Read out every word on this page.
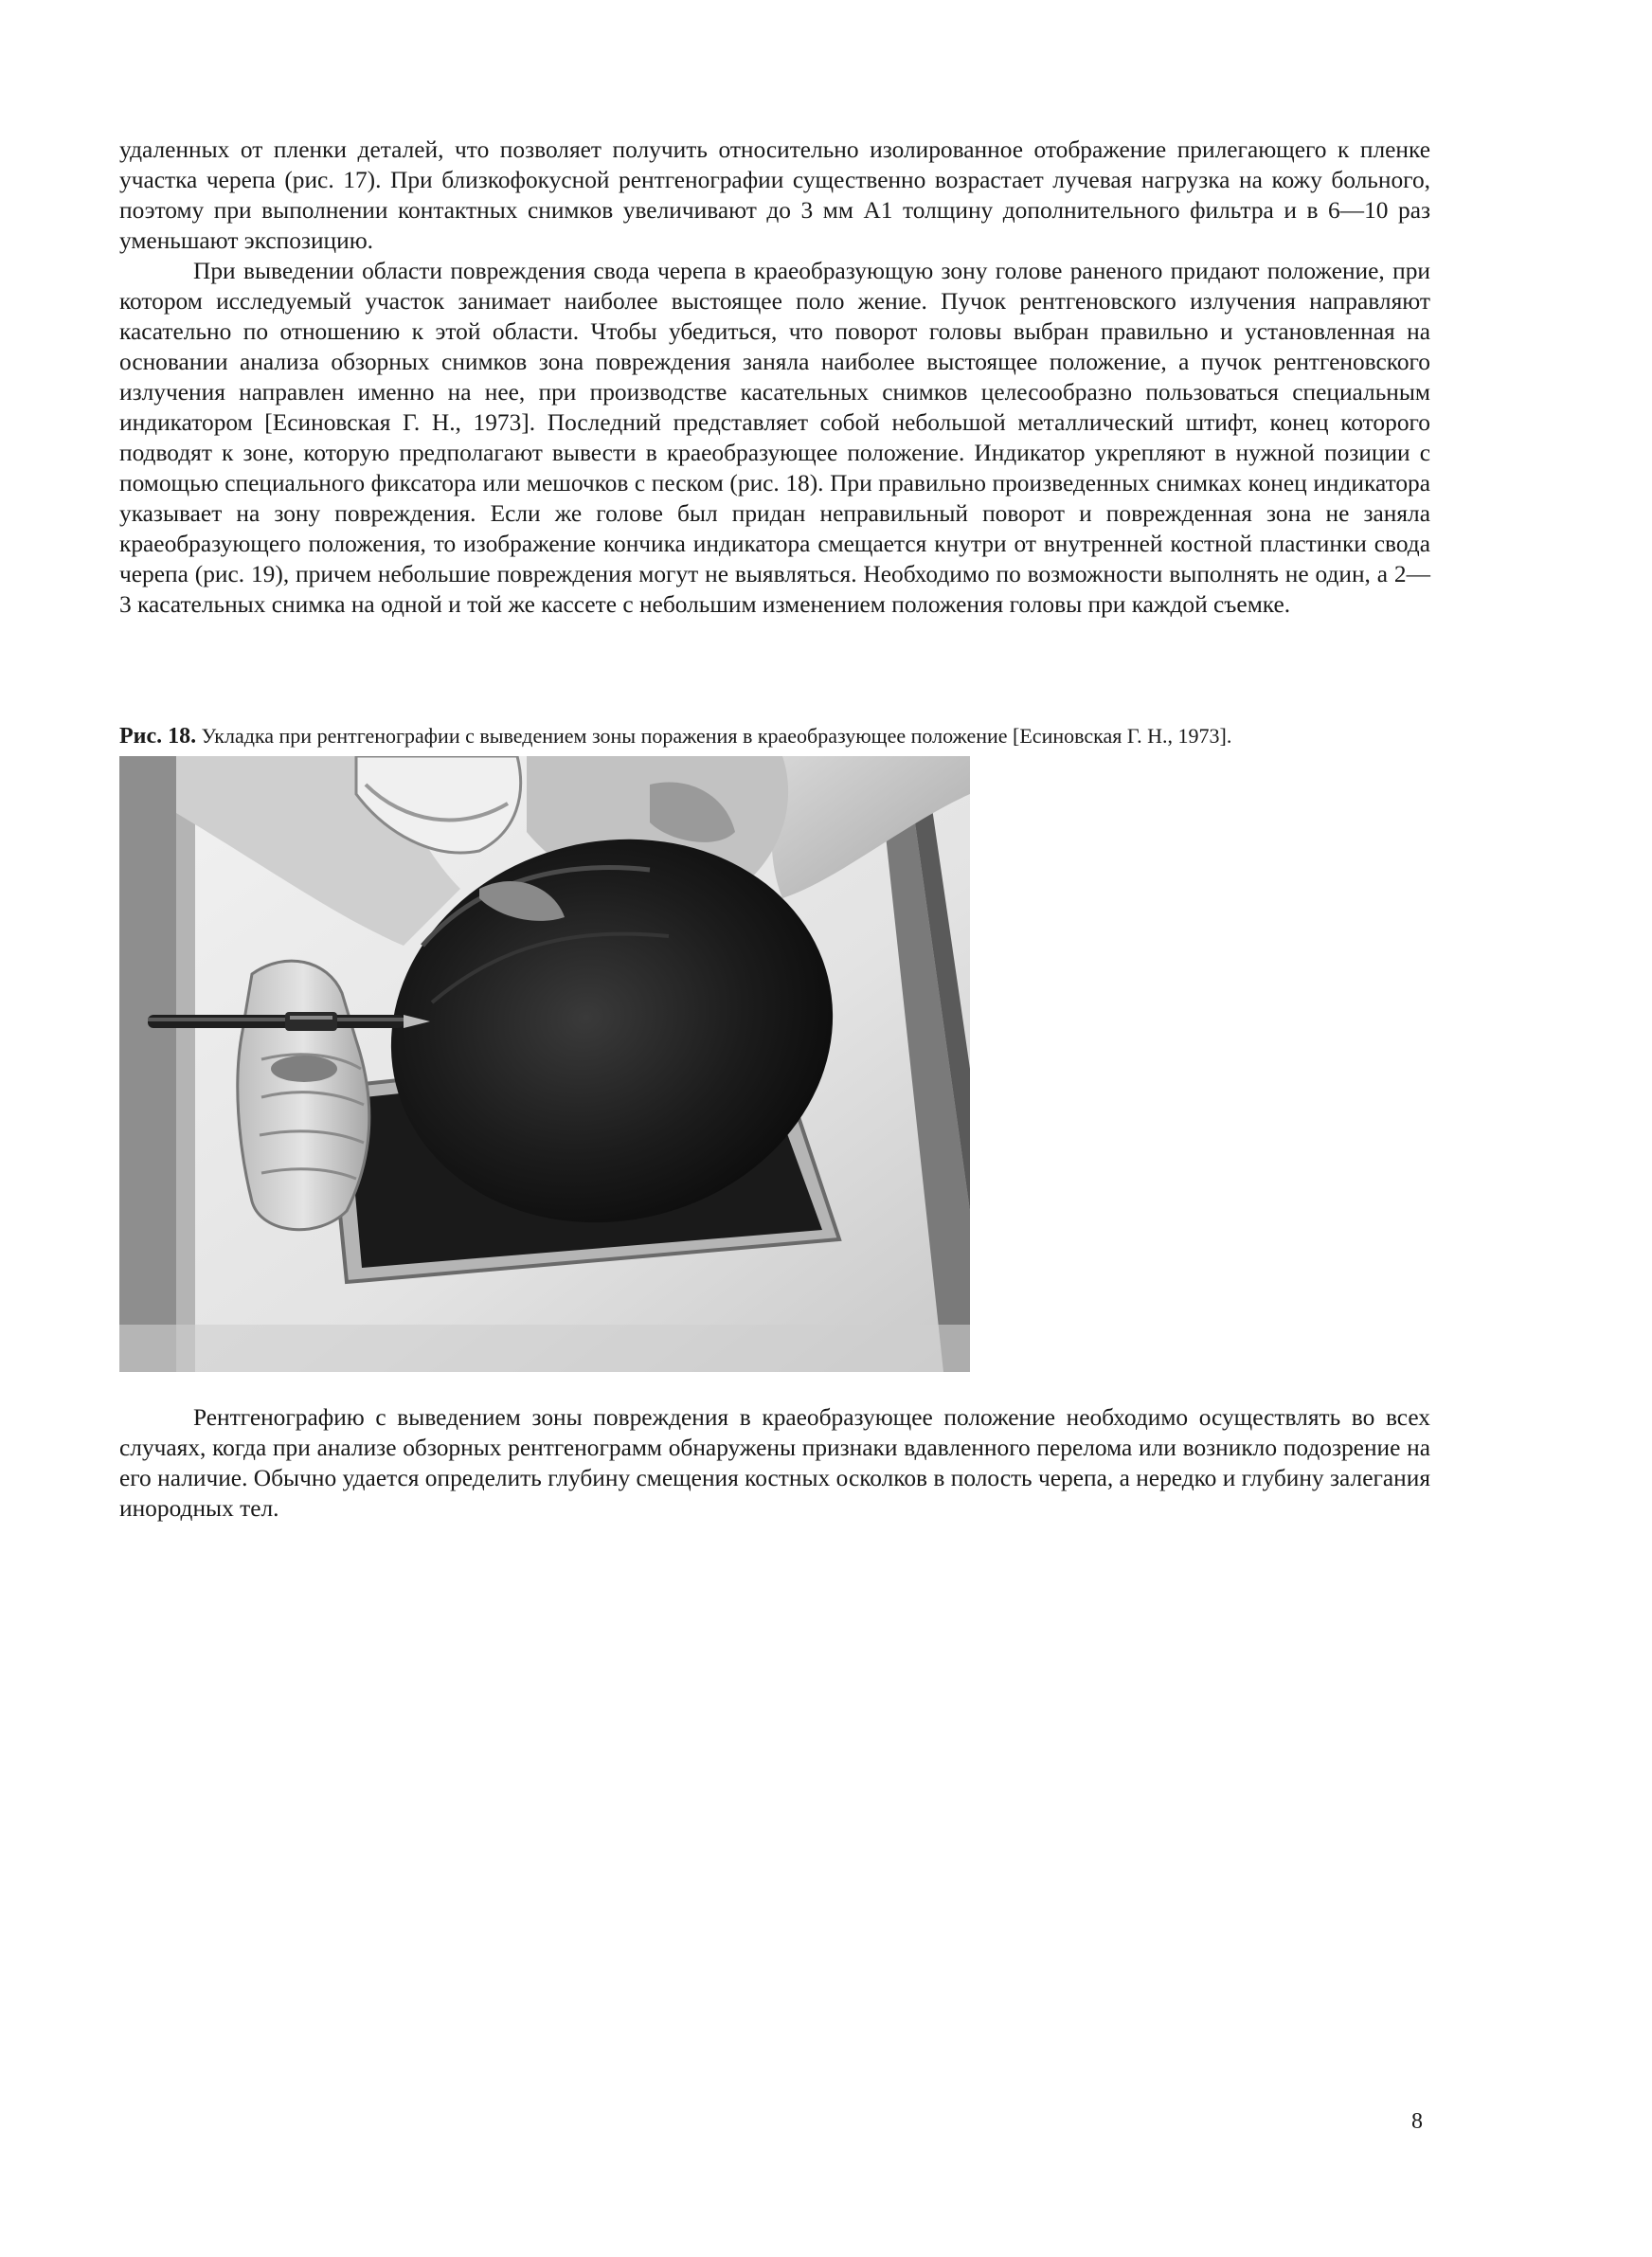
удаленных от пленки деталей, что позволяет получить относительно изолированное отображение прилегающего к пленке участка черепа (рис. 17). При близкофокусной рентгенографии существенно возрастает лучевая нагрузка на кожу больного, поэтому при выполнении контактных снимков увеличивают до 3 мм А1 толщину дополнительного фильтра и в 6—10 раз уменьшают экспозицию.

При выведении области повреждения свода черепа в краеобразующую зону голове раненого придают положение, при котором исследуемый участок занимает наиболее выстоящее поло жение. Пучок рентгеновского излучения направляют касательно по отношению к этой области. Чтобы убедиться, что поворот головы выбран правильно и установленная на основании анализа обзорных снимков зона повреждения заняла наиболее выстоящее положение, а пучок рентгеновского излучения направлен именно на нее, при производстве касательных снимков целесообразно пользоваться специальным индикатором [Есиновская Г. Н., 1973]. Последний представляет собой небольшой металлический штифт, конец которого подводят к зоне, которую предполагают вывести в краеобразующее положение. Индикатор укрепляют в нужной позиции с помощью специального фиксатора или мешочков с песком (рис. 18). При правильно произведенных снимках конец индикатора указывает на зону повреждения. Если же голове был придан неправильный поворот и поврежденная зона не заняла краеобразующего положения, то изображение кончика индикатора смещается кнутри от внутренней костной пластинки свода черепа (рис. 19), причем небольшие повреждения могут не выявляться. Необходимо по возможности выполнять не один, а 2—3 касательных снимка на одной и той же кассете с небольшим изменением положения головы при каждой съемке.

Рис. 18. Укладка при рентгенографии с выведением зоны поражения в краеобразующее положение [Есиновская Г. Н., 1973].

Рентгенографию с выведением зоны повреждения в краеобразующее положение необходимо осуществлять во всех случаях, когда при анализе обзорных рентгенограмм обнаружены признаки вдавленного перелома или возникло подозрение на его наличие. Обычно удается определить глубину смещения костных осколков в полость черепа, а нередко и глубину залегания инородных тел.

8
